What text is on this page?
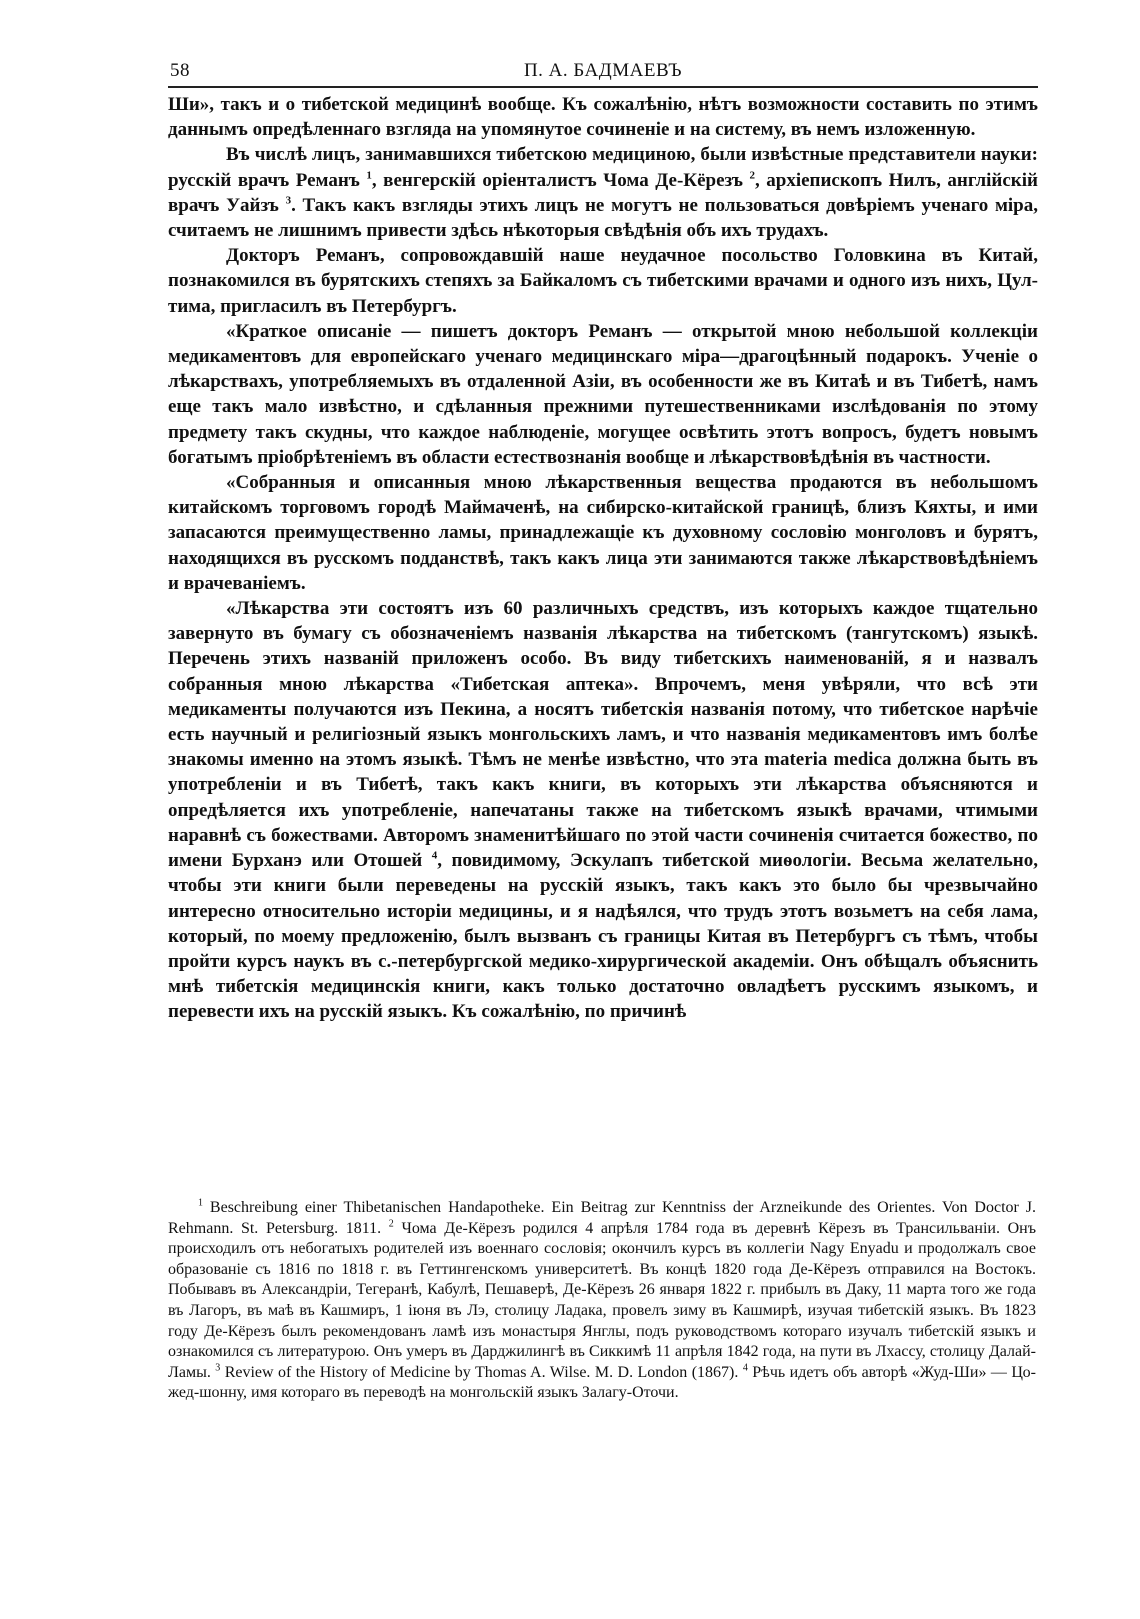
58	П. А. БАДМАЕВЪ

Ши», такъ и о тибетской медицинѣ вообще. Къ сожалѣнію, нѣтъ возможности составить по этимъ даннымъ опредѣленнаго взгляда на упомянутое сочиненіе и на систему, въ немъ изложенную.

Въ числѣ лицъ, занимавшихся тибетскою медициною, были извѣстные представители науки: русскій врачъ Реманъ $^1$, венгерскій оріенталистъ Чома Де-Кёрезъ $^2$, архіепископъ Нилъ, англійскій врачъ Уайзъ $^3$. Такъ какъ взгляды этихъ лицъ не могутъ не пользоваться довѣріемъ ученаго міра, считаемъ не лишнимъ привести здѣсь нѣкоторыя свѣдѣнія объ ихъ трудахъ.

Докторъ Реманъ, сопровождавшій наше неудачное посольство Головкина въ Китай, познакомился въ бурятскихъ степяхъ за Байкаломъ съ тибетскими врачами и одного изъ нихъ, Цул-тима, пригласилъ въ Петербургъ.

«Краткое описаніе — пишетъ докторъ Реманъ — открытой мною небольшой коллекціи медикаментовъ для европейскаго ученаго медицинскаго міра—драгоцѣнный подарокъ. Ученіе о лѣкарствахъ, употребляемыхъ въ отдаленной Азіи, въ особенности же въ Китаѣ и въ Тибетѣ, намъ еще такъ мало извѣстно, и сдѣланныя прежними путешественниками изслѣдованія по этому предмету такъ скудны, что каждое наблюденіе, могущее освѣтить этотъ вопросъ, будетъ новымъ богатымъ пріобрѣтеніемъ въ области естествознанія вообще и лѣкарствовѣдѣнія въ частности.

«Собранныя и описанныя мною лѣкарственныя вещества продаются въ небольшомъ китайскомъ торговомъ городѣ Маймаченѣ, на сибирско-китайской границѣ, близъ Кяхты, и ими запасаются преимущественно ламы, принадлежащіе къ духовному сословію монголовъ и бурятъ, находящихся въ русскомъ подданствѣ, такъ какъ лица эти занимаются также лѣкарствовѣдѣніемъ и врачеваніемъ.

«Лѣкарства эти состоятъ изъ 60 различныхъ средствъ, изъ которыхъ каждое тщательно завернуто въ бумагу съ обозначеніемъ названія лѣкарства на тибетскомъ (тангутскомъ) языкѣ. Перечень этихъ названій приложенъ особо. Въ виду тибетскихъ наименованій, я и назвалъ собранныя мною лѣкарства «Тибетская аптека». Впрочемъ, меня увѣряли, что всѣ эти медикаменты получаются изъ Пекина, а носятъ тибетскія названія потому, что тибетское нарѣчіе есть научный и религіозный языкъ монгольскихъ ламъ, и что названія медикаментовъ имъ болѣе знакомы именно на этомъ языкѣ. Тѣмъ не менѣе извѣстно, что эта materia medica должна быть въ употребленіи и въ Тибетѣ, такъ какъ книги, въ которыхъ эти лѣкарства объясняются и опредѣляется ихъ употребленіе, напечатаны также на тибетскомъ языкѣ врачами, чтимыми наравнѣ съ божествами. Авторомъ знаменитѣйшаго по этой части сочиненія считается божество, по имени Бурханэ или Отошей $^4$, повидимому, Эскулапъ тибетской миѳологіи. Весьма желательно, чтобы эти книги были переведены на русскій языкъ, такъ какъ это было бы чрезвычайно интересно относительно исторіи медицины, и я надѣялся, что трудъ этотъ возьметъ на себя лама, который, по моему предложенію, былъ вызванъ съ границы Китая въ Петербургъ съ тѣмъ, чтобы пройти курсъ наукъ въ с.-петербургской медико-хирургической академіи. Онъ обѣщалъ объяснить мнѣ тибетскія медицинскія книги, какъ только достаточно овладѣетъ русскимъ языкомъ, и перевести ихъ на русскій языкъ. Къ сожалѣнію, по причинѣ

$^1$ Beschreibung einer Thibetanischen Handapotheke. Ein Beitrag zur Kenntniss der Arzneikunde des Orientes. Von Doctor J. Rehmann. St. Petersburg. 1811. $^2$ Чома Де-Кёрезъ родился 4 апрѣля 1784 года въ деревнѣ Кёрезъ въ Трансильваніи. Онъ происходилъ отъ небогатыхъ родителей изъ военнаго сословія; окончилъ курсъ въ коллегіи Nagy Enyadu и продолжалъ свое образованіе съ 1816 по 1818 г. въ Геттингенскомъ университетѣ. Въ концѣ 1820 года Де-Кёрезъ отправился на Востокъ. Побывавъ въ Александріи, Тегеранѣ, Кабулѣ, Пешаверѣ, Де-Кёрезъ 26 января 1822 г. прибылъ въ Даку, 11 марта того же года въ Лагоръ, въ маѣ въ Кашмиръ, 1 іюня въ Лэ, столицу Ладака, провелъ зиму въ Кашмирѣ, изучая тибетскій языкъ. Въ 1823 году Де-Кёрезъ былъ рекомендованъ ламѣ изъ монастыря Янглы, подъ руководствомъ котораго изучалъ тибетскій языкъ и ознакомился съ литературою. Онъ умеръ въ Дарджилингѣ въ Сиккимѣ 11 апрѣля 1842 года, на пути въ Лхассу, столицу Далай-Ламы. $^3$ Review of the History of Medicine by Thomas A. Wilse. M. D. London (1867). $^4$ Рѣчь идетъ объ авторѣ «Жуд-Ши» — Цо-жед-шонну, имя котораго въ переводѣ на монгольскій языкъ Залагу-Оточи.
